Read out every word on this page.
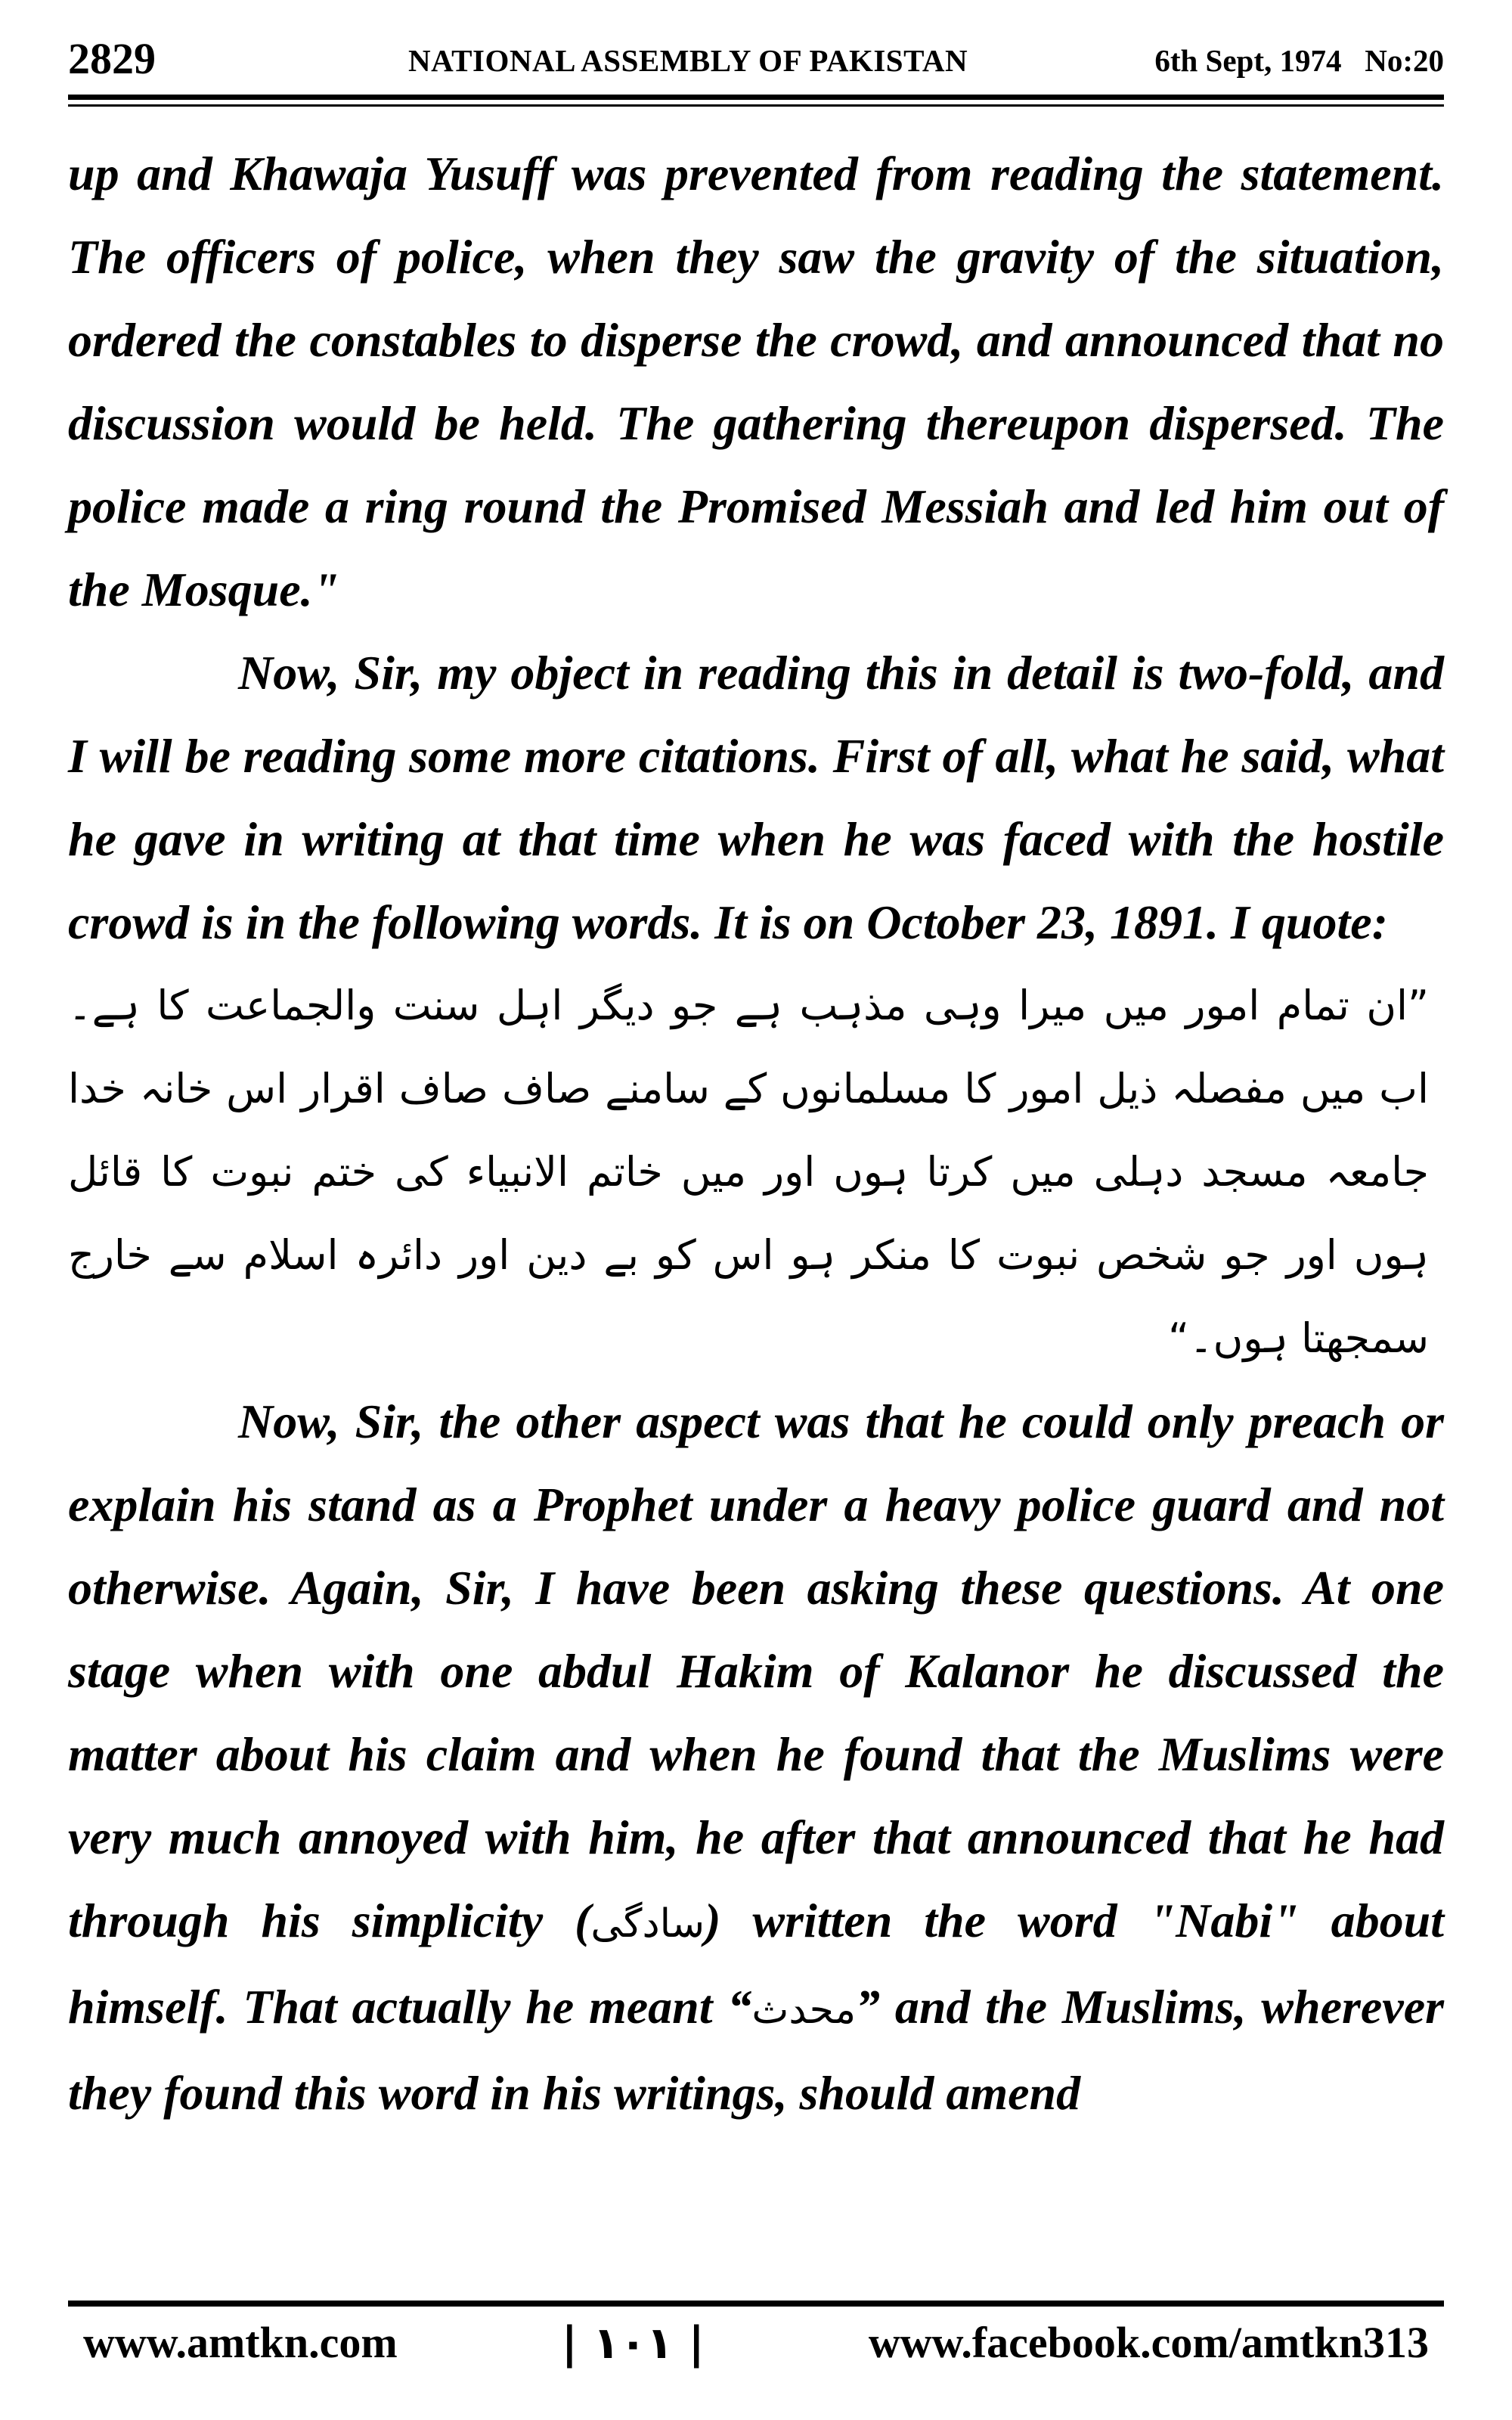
2829	NATIONAL ASSEMBLY OF PAKISTAN	6th Sept, 1974   No:20

up and Khawaja Yusuff was prevented from reading the statement. The officers of police, when they saw the gravity of the situation, ordered the constables to disperse the crowd, and announced that no discussion would be held. The gathering thereupon dispersed. The police made a ring round the Promised Messiah and led him out of the Mosque."

Now, Sir, my object in reading this in detail is two-fold, and I will be reading some more citations. First of all, what he said, what he gave in writing at that time when he was faced with the hostile crowd is in the following words. It is on October 23, 1891. I quote:

”ان تمام امور میں میرا وہی مذہب ہے جو دیگر اہل سنت والجماعت کا ہے۔ اب میں مفصلہ ذیل امور کا مسلمانوں کے سامنے صاف صاف اقرار اس خانہ خدا جامعہ مسجد دہلی میں کرتا ہوں اور میں خاتم الانبیاء کی ختم نبوت کا قائل ہوں اور جو شخص نبوت کا منکر ہو اس کو بے دین اور دائرہ اسلام سے خارج سمجھتا ہوں۔“

Now, Sir, the other aspect was that he could only preach or explain his stand as a Prophet under a heavy police guard and not otherwise. Again, Sir, I have been asking these questions. At one stage when with one abdul Hakim of Kalanor he discussed the matter about his claim and when he found that the Muslims were very much annoyed with him, he after that announced that he had through his simplicity (سادگی) written the word "Nabi" about himself. That actually he meant “محدث” and the Muslims, wherever they found this word in his writings, should amend

www.amtkn.com	| ١٠١ |	www.facebook.com/amtkn313
